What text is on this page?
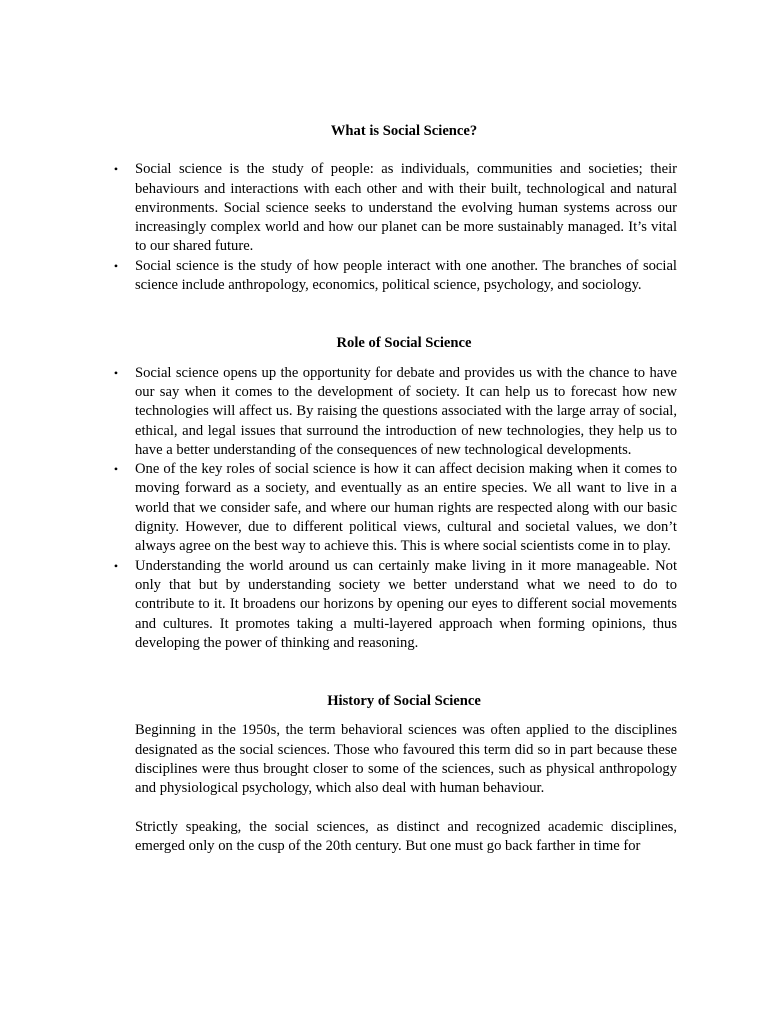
What is Social Science?
• Social science is the study of people: as individuals, communities and societies; their behaviours and interactions with each other and with their built, technological and natural environments. Social science seeks to understand the evolving human systems across our increasingly complex world and how our planet can be more sustainably managed. It’s vital to our shared future.
• Social science is the study of how people interact with one another. The branches of social science include anthropology, economics, political science, psychology, and sociology.
Role of Social Science
• Social science opens up the opportunity for debate and provides us with the chance to have our say when it comes to the development of society. It can help us to forecast how new technologies will affect us. By raising the questions associated with the large array of social, ethical, and legal issues that surround the introduction of new technologies, they help us to have a better understanding of the consequences of new technological developments.
• One of the key roles of social science is how it can affect decision making when it comes to moving forward as a society, and eventually as an entire species. We all want to live in a world that we consider safe, and where our human rights are respected along with our basic dignity. However, due to different political views, cultural and societal values, we don’t always agree on the best way to achieve this. This is where social scientists come in to play.
• Understanding the world around us can certainly make living in it more manageable. Not only that but by understanding society we better understand what we need to do to contribute to it. It broadens our horizons by opening our eyes to different social movements and cultures. It promotes taking a multi-layered approach when forming opinions, thus developing the power of thinking and reasoning.
History of Social Science

Beginning in the 1950s, the term behavioral sciences was often applied to the disciplines designated as the social sciences. Those who favoured this term did so in part because these disciplines were thus brought closer to some of the sciences, such as physical anthropology and physiological psychology, which also deal with human behaviour.

Strictly speaking, the social sciences, as distinct and recognized academic disciplines, emerged only on the cusp of the 20th century. But one must go back farther in time for
